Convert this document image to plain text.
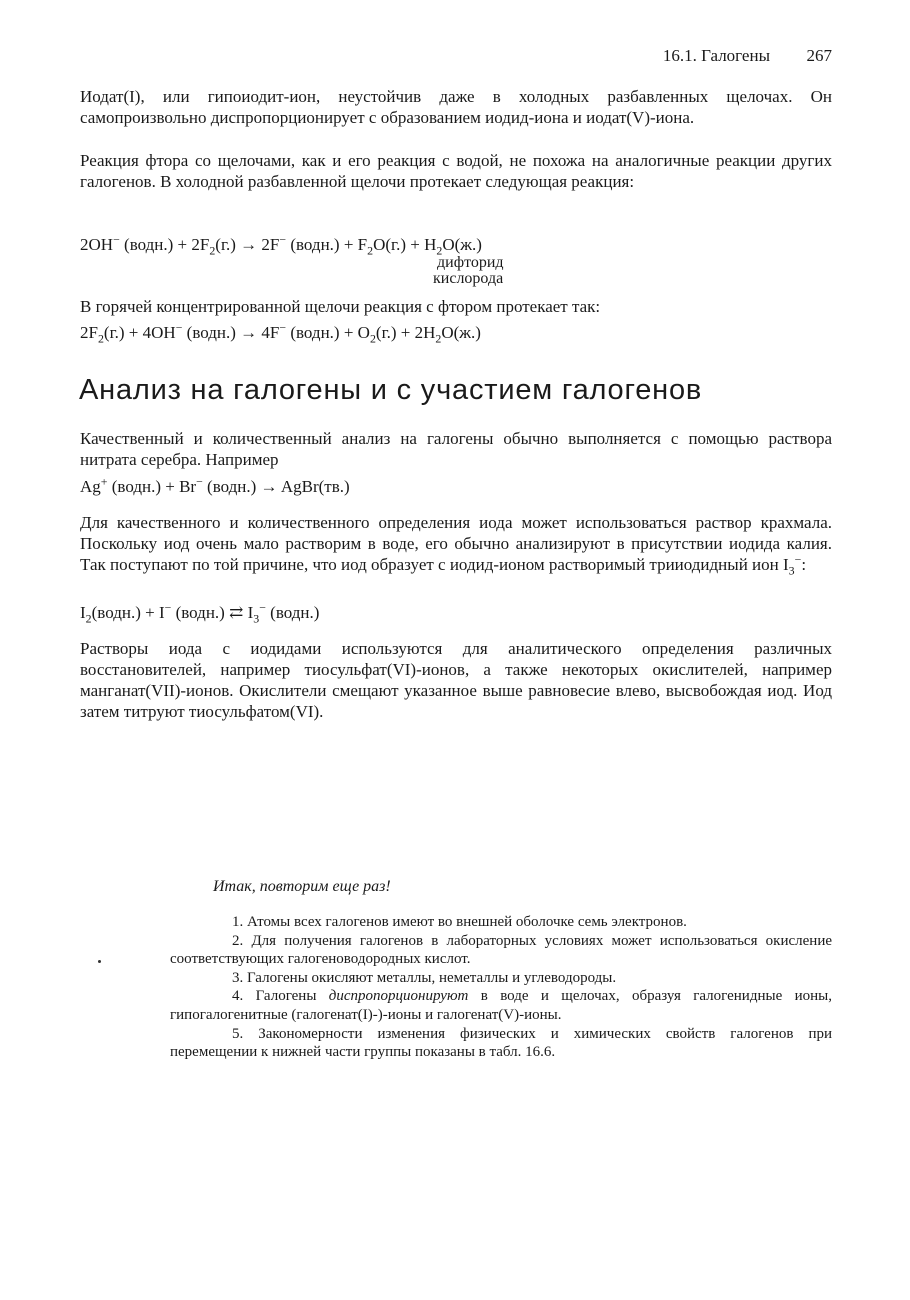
16.1. Галогены 267

Иодат(I), или гипоиодит-ион, неустойчив даже в холодных разбавленных щелочах. Он самопроизвольно диспропорционирует с образованием иодид-иона и иодат(V)-иона.

Реакция фтора со щелочами, как и его реакция с водой, не похожа на аналогичные реакции других галогенов. В холодной разбавленной щелочи протекает следующая реакция:

2OH− (водн.) + $2F_2(г.) \to 2F^-$ (водн.) + $F_2O(г.) + H_2O(ж.)$
дифторид
кислорода

В горячей концентрированной щелочи реакция с фтором протекает так:

$2F_2(г.) + 4OH^-$ (водн.) → 4F− (водн.) + $O_2(г.) + 2H_2O(ж.)$
Анализ на галогены и с участием галогенов

Качественный и количественный анализ на галогены обычно выполняется с помощью раствора нитрата серебра. Например

Ag+ (водн.) + Br− (водн.) → AgBr(тв.)

Для качественного и количественного определения иода может использоваться раствор крахмала. Поскольку иод очень мало растворим в воде, его обычно анализируют в присутствии иодида калия. Так поступают по той причине, что иод образует с иодид-ионом растворимый трииодидный ион $I_3^-$:

$I_2(водн.) + I^-$ (водн.) ⇄ $I_3^-$ (водн.)

Растворы иода с иодидами используются для аналитического определения различных восстановителей, например тиосульфат(VI)-ионов, а также некоторых окислителей, например манганат(VII)-ионов. Окислители смещают указанное выше равновесие влево, высвобождая иод. Иод затем титруют тиосульфатом(VI).

Итак, повторим еще раз!

1. Атомы всех галогенов имеют во внешней оболочке семь электронов.
2. Для получения галогенов в лабораторных условиях может использоваться окисление соответствующих галогеноводородных кислот.
3. Галогены окисляют металлы, неметаллы и углеводороды.
4. Галогены диспропорционируют в воде и щелочах, образуя галогенидные ионы, гипогалогенитные (галогенат(I)-)-ионы и галогенат(V)-ионы.
5. Закономерности изменения физических и химических свойств галогенов при перемещении к нижней части группы показаны в табл. 16.6.
